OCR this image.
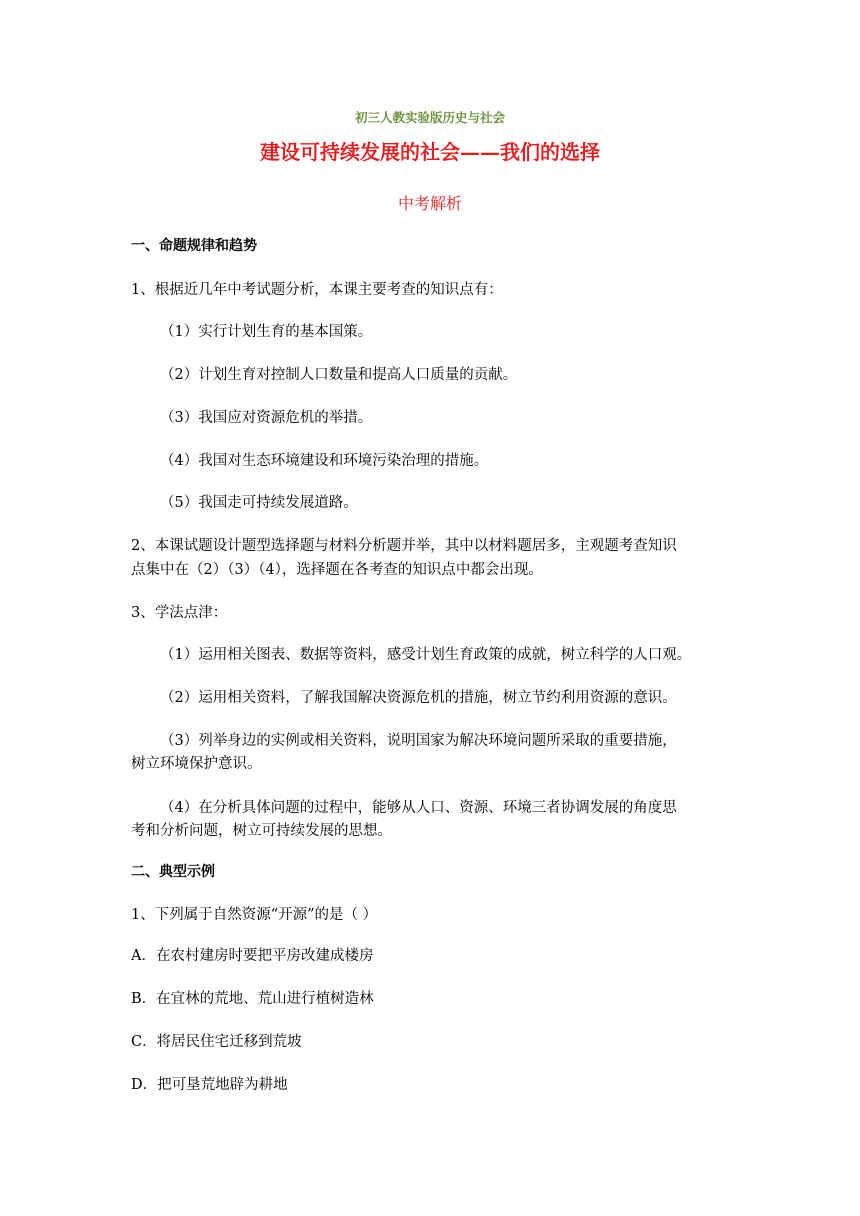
初三人教实验版历史与社会
建设可持续发展的社会——我们的选择
中考解析
一、命题规律和趋势
1、根据近几年中考试题分析，本课主要考查的知识点有：
（1）实行计划生育的基本国策。
（2）计划生育对控制人口数量和提高人口质量的贡献。
（3）我国应对资源危机的举措。
（4）我国对生态环境建设和环境污染治理的措施。
（5）我国走可持续发展道路。
2、本课试题设计题型选择题与材料分析题并举，其中以材料题居多，主观题考查知识
点集中在（2）（3）（4），选择题在各考查的知识点中都会出现。
3、学法点津：
（1）运用相关图表、数据等资料，感受计划生育政策的成就，树立科学的人口观。
（2）运用相关资料，了解我国解决资源危机的措施，树立节约利用资源的意识。
（3）列举身边的实例或相关资料，说明国家为解决环境问题所采取的重要措施，
树立环境保护意识。
（4）在分析具体问题的过程中，能够从人口、资源、环境三者协调发展的角度思
考和分析问题，树立可持续发展的思想。
二、典型示例
1、下列属于自然资源“开源”的是（ ）
A．在农村建房时要把平房改建成楼房
B．在宜林的荒地、荒山进行植树造林
C．将居民住宅迁移到荒坡
D．把可垦荒地辟为耕地
